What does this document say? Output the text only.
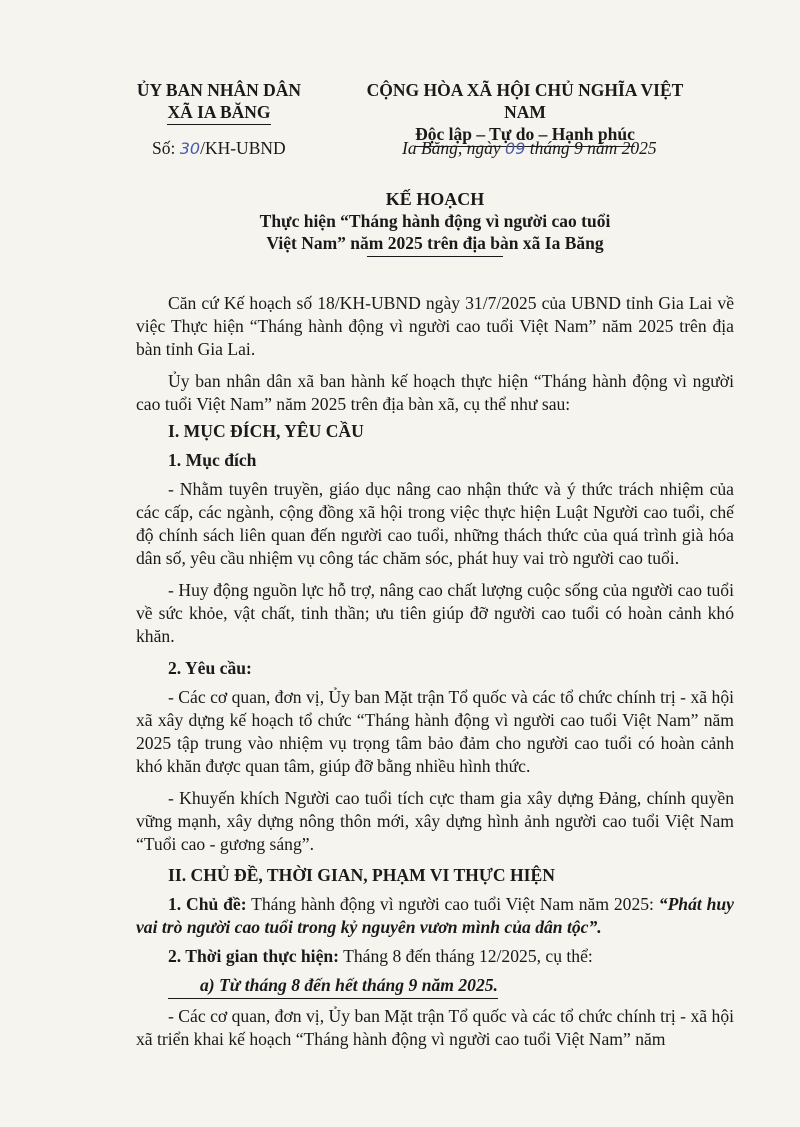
ỦY BAN NHÂN DÂN
XÃ IA BĂNG
CỘNG HÒA XÃ HỘI CHỦ NGHĨA VIỆT NAM
Độc lập – Tự do – Hạnh phúc
Số: 30/KH-UBND	Ia Băng, ngày 09 tháng 9 năm 2025
KẾ HOẠCH
Thực hiện “Tháng hành động vì người cao tuổi
Việt Nam” năm 2025 trên địa bàn xã Ia Băng

Căn cứ Kế hoạch số 18/KH-UBND ngày 31/7/2025 của UBND tỉnh Gia Lai về việc Thực hiện “Tháng hành động vì người cao tuổi Việt Nam” năm 2025 trên địa bàn tỉnh Gia Lai.

Ủy ban nhân dân xã ban hành kế hoạch thực hiện “Tháng hành động vì người cao tuổi Việt Nam” năm 2025 trên địa bàn xã, cụ thể như sau:

I. MỤC ĐÍCH, YÊU CẦU

1. Mục đích

- Nhằm tuyên truyền, giáo dục nâng cao nhận thức và ý thức trách nhiệm của các cấp, các ngành, cộng đồng xã hội trong việc thực hiện Luật Người cao tuổi, chế độ chính sách liên quan đến người cao tuổi, những thách thức của quá trình già hóa dân số, yêu cầu nhiệm vụ công tác chăm sóc, phát huy vai trò người cao tuổi.

- Huy động nguồn lực hỗ trợ, nâng cao chất lượng cuộc sống của người cao tuổi về sức khỏe, vật chất, tinh thần; ưu tiên giúp đỡ người cao tuổi có hoàn cảnh khó khăn.

2. Yêu cầu:

- Các cơ quan, đơn vị, Ủy ban Mặt trận Tổ quốc và các tổ chức chính trị - xã hội xã xây dựng kế hoạch tổ chức “Tháng hành động vì người cao tuổi Việt Nam” năm 2025 tập trung vào nhiệm vụ trọng tâm bảo đảm cho người cao tuổi có hoàn cảnh khó khăn được quan tâm, giúp đỡ bằng nhiều hình thức.

- Khuyến khích Người cao tuổi tích cực tham gia xây dựng Đảng, chính quyền vững mạnh, xây dựng nông thôn mới, xây dựng hình ảnh người cao tuổi Việt Nam “Tuổi cao - gương sáng”.

II. CHỦ ĐỀ, THỜI GIAN, PHẠM VI THỰC HIỆN

1. Chủ đề: Tháng hành động vì người cao tuổi Việt Nam năm 2025: “Phát huy vai trò người cao tuổi trong kỷ nguyên vươn mình của dân tộc”.

2. Thời gian thực hiện: Tháng 8 đến tháng 12/2025, cụ thể:

a) Từ tháng 8 đến hết tháng 9 năm 2025.

- Các cơ quan, đơn vị, Ủy ban Mặt trận Tổ quốc và các tổ chức chính trị - xã hội xã triển khai kế hoạch “Tháng hành động vì người cao tuổi Việt Nam” năm
